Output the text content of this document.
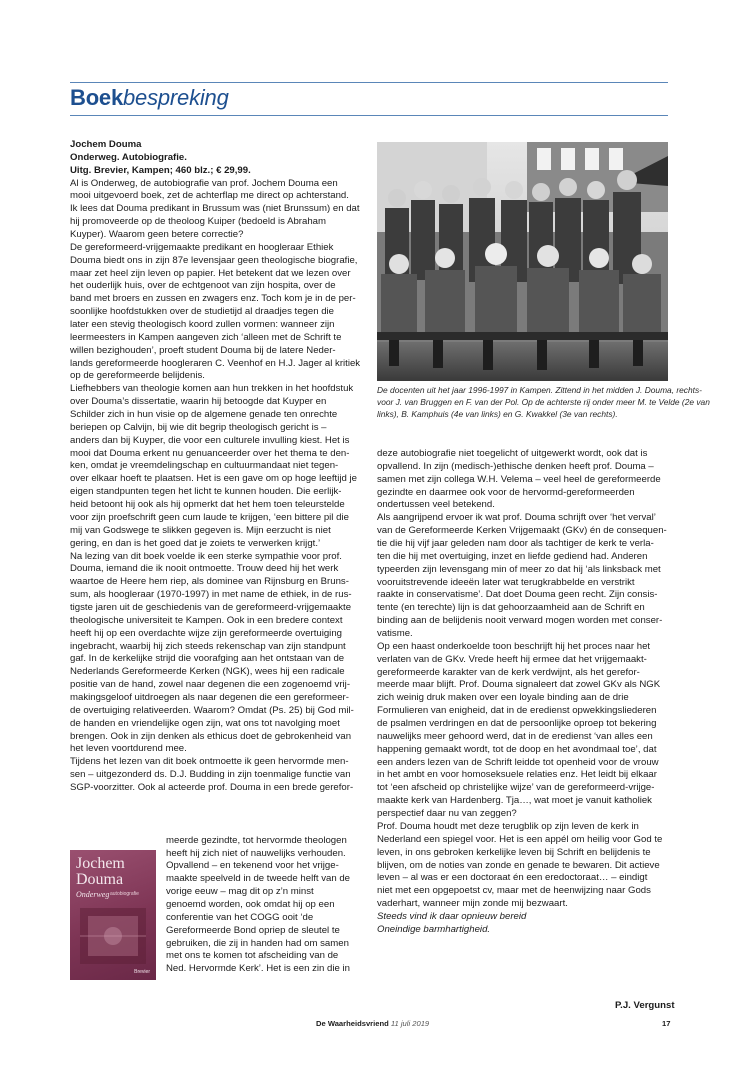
Boekbespreking

Jochem Douma

Onderweg. Autobiografie.

Uitg. Brevier, Kampen; 460 blz.; € 29,99.

Al is Onderweg, de autobiografie van prof. Jochem Douma een

mooi uitgevoerd boek, zet de achterflap me direct op achterstand.

Ik lees dat Douma predikant in Brussum was (niet Brunssum) en dat

hij promoveerde op de theoloog Kuiper (bedoeld is Abraham

Kuyper). Waarom geen betere correctie?

De gereformeerd-vrijgemaakte predikant en hoogleraar Ethiek

Douma biedt ons in zijn 87e levensjaar geen theologische biografie,

maar zet heel zijn leven op papier. Het betekent dat we lezen over

het ouderlijk huis, over de echtgenoot van zijn hospita, over de

band met broers en zussen en zwagers enz. Toch kom je in de per-

soonlijke hoofdstukken over de studietijd al draadjes tegen die

later een stevig theologisch koord zullen vormen: wanneer zijn

leermeesters in Kampen aangeven zich ‘alleen met de Schrift te

willen bezighouden’, proeft student Douma bij de latere Neder-

lands gereformeerde hoogleraren C. Veenhof en H.J. Jager al kritiek

op de gereformeerde belijdenis.

Liefhebbers van theologie komen aan hun trekken in het hoofdstuk

over Douma’s dissertatie, waarin hij betoogde dat Kuyper en

Schilder zich in hun visie op de algemene genade ten onrechte

beriepen op Calvijn, bij wie dit begrip theologisch gericht is –

anders dan bij Kuyper, die voor een culturele invulling kiest. Het is

mooi dat Douma erkent nu genuanceerder over het thema te den-

ken, omdat je vreemdelingschap en cultuurmandaat niet tegen-

over elkaar hoeft te plaatsen. Het is een gave om op hoge leeftijd je

eigen standpunten tegen het licht te kunnen houden. Die eerlijk-

heid betoont hij ook als hij opmerkt dat het hem toen teleurstelde

voor zijn proefschrift geen cum laude te krijgen, ‘een bittere pil die

mij van Godswege te slikken gegeven is. Mijn eerzucht is niet

gering, en dan is het goed dat je zoiets te verwerken krijgt.’

Na lezing van dit boek voelde ik een sterke sympathie voor prof.

Douma, iemand die ik nooit ontmoette. Trouw deed hij het werk

waartoe de Heere hem riep, als dominee van Rijnsburg en Bruns-

sum, als hoogleraar (1970-1997) in met name de ethiek, in de rus-

tigste jaren uit de geschiedenis van de gereformeerd-vrijgemaakte

theologische universiteit te Kampen. Ook in een bredere context

heeft hij op een overdachte wijze zijn gereformeerde overtuiging

ingebracht, waarbij hij zich steeds rekenschap van zijn standpunt

gaf. In de kerkelijke strijd die voorafging aan het ontstaan van de

Nederlands Gereformeerde Kerken (NGK), wees hij een radicale

positie van de hand, zowel naar degenen die een zogenoemd vrij-

makingsgeloof uitdroegen als naar degenen die een gereformeer-

de overtuiging relativeerden. Waarom? Omdat (Ps. 25) bij God mil-

de handen en vriendelijke ogen zijn, wat ons tot navolging moet

brengen. Ook in zijn denken als ethicus doet de gebrokenheid van

het leven voortdurend mee.

Tijdens het lezen van dit boek ontmoette ik geen hervormde men-

sen – uitgezonderd ds. D.J. Budding in zijn toenmalige functie van

SGP-voorzitter. Ook al acteerde prof. Douma in een brede gerefor-

meerde gezindte, tot hervormde theologen

heeft hij zich niet of nauwelijks verhouden.

Opvallend – en tekenend voor het vrijge-

maakte speelveld in de tweede helft van de

vorige eeuw – mag dit op z’n minst

genoemd worden, ook omdat hij op een

conferentie van het COGG ooit ‘de

Gereformeerde Bond opriep de sleutel te

gebruiken, die zij in handen had om samen

met ons te komen tot afscheiding van de

Ned. Hervormde Kerk’. Het is een zin die in

Jochem
Douma
Onderweg autobiografie
Brevier

De docenten uit het jaar 1996-1997 in Kampen. Zittend in het midden J. Douma, rechts-

voor J. van Bruggen en F. van der Pol. Op de achterste rij onder meer M. te Velde (2e van

links), B. Kamphuis (4e van links) en G. Kwakkel (3e van rechts).

deze autobiografie niet toegelicht of uitgewerkt wordt, ook dat is

opvallend. In zijn (medisch-)ethische denken heeft prof. Douma –

samen met zijn collega W.H. Velema – veel heel de gereformeerde

gezindte en daarmee ook voor de hervormd-gereformeerden

ondertussen veel betekend.

Als aangrijpend ervoer ik wat prof. Douma schrijft over ‘het verval’

van de Gereformeerde Kerken Vrijgemaakt (GKv) én de consequen-

tie die hij vijf jaar geleden nam door als tachtiger de kerk te verla-

ten die hij met overtuiging, inzet en liefde gediend had. Anderen

typeerden zijn levensgang min of meer zo dat hij ‘als linksback met

vooruitstrevende ideeën later wat terugkrabbelde en verstrikt

raakte in conservatisme’. Dat doet Douma geen recht. Zijn consis-

tente (en terechte) lijn is dat gehoorzaamheid aan de Schrift en

binding aan de belijdenis nooit verward mogen worden met conser-

vatisme.

Op een haast onderkoelde toon beschrijft hij het proces naar het

verlaten van de GKv. Vrede heeft hij ermee dat het vrijgemaakt-

gereformeerde karakter van de kerk verdwijnt, als het gerefor-

meerde maar blijft. Prof. Douma signaleert dat zowel GKv als NGK

zich weinig druk maken over een loyale binding aan de drie

Formulieren van enigheid, dat in de eredienst opwekkingsliederen

de psalmen verdringen en dat de persoonlijke oproep tot bekering

nauwelijks meer gehoord werd, dat in de eredienst ‘van alles een

happening gemaakt wordt, tot de doop en het avondmaal toe’, dat

een anders lezen van de Schrift leidde tot openheid voor de vrouw

in het ambt en voor homoseksuele relaties enz. Het leidt bij elkaar

tot ‘een afscheid op christelijke wijze’ van de gereformeerd-vrijge-

maakte kerk van Hardenberg. Tja…, wat moet je vanuit katholiek

perspectief daar nu van zeggen?

Prof. Douma houdt met deze terugblik op zijn leven de kerk in

Nederland een spiegel voor. Het is een appél om heilig voor God te

leven, in ons gebroken kerkelijke leven bij Schrift en belijdenis te

blijven, om de noties van zonde en genade te bewaren. Dit actieve

leven – al was er een doctoraat én een eredoctoraat… – eindigt

niet met een opgepoetst cv, maar met de heenwijzing naar Gods

vaderhart, wanneer mijn zonde mij bezwaart.

Steeds vind ik daar opnieuw bereid

Oneindige barmhartigheid.

P.J. Vergunst
De Waarheidsvriend 11 juli 2019	17
